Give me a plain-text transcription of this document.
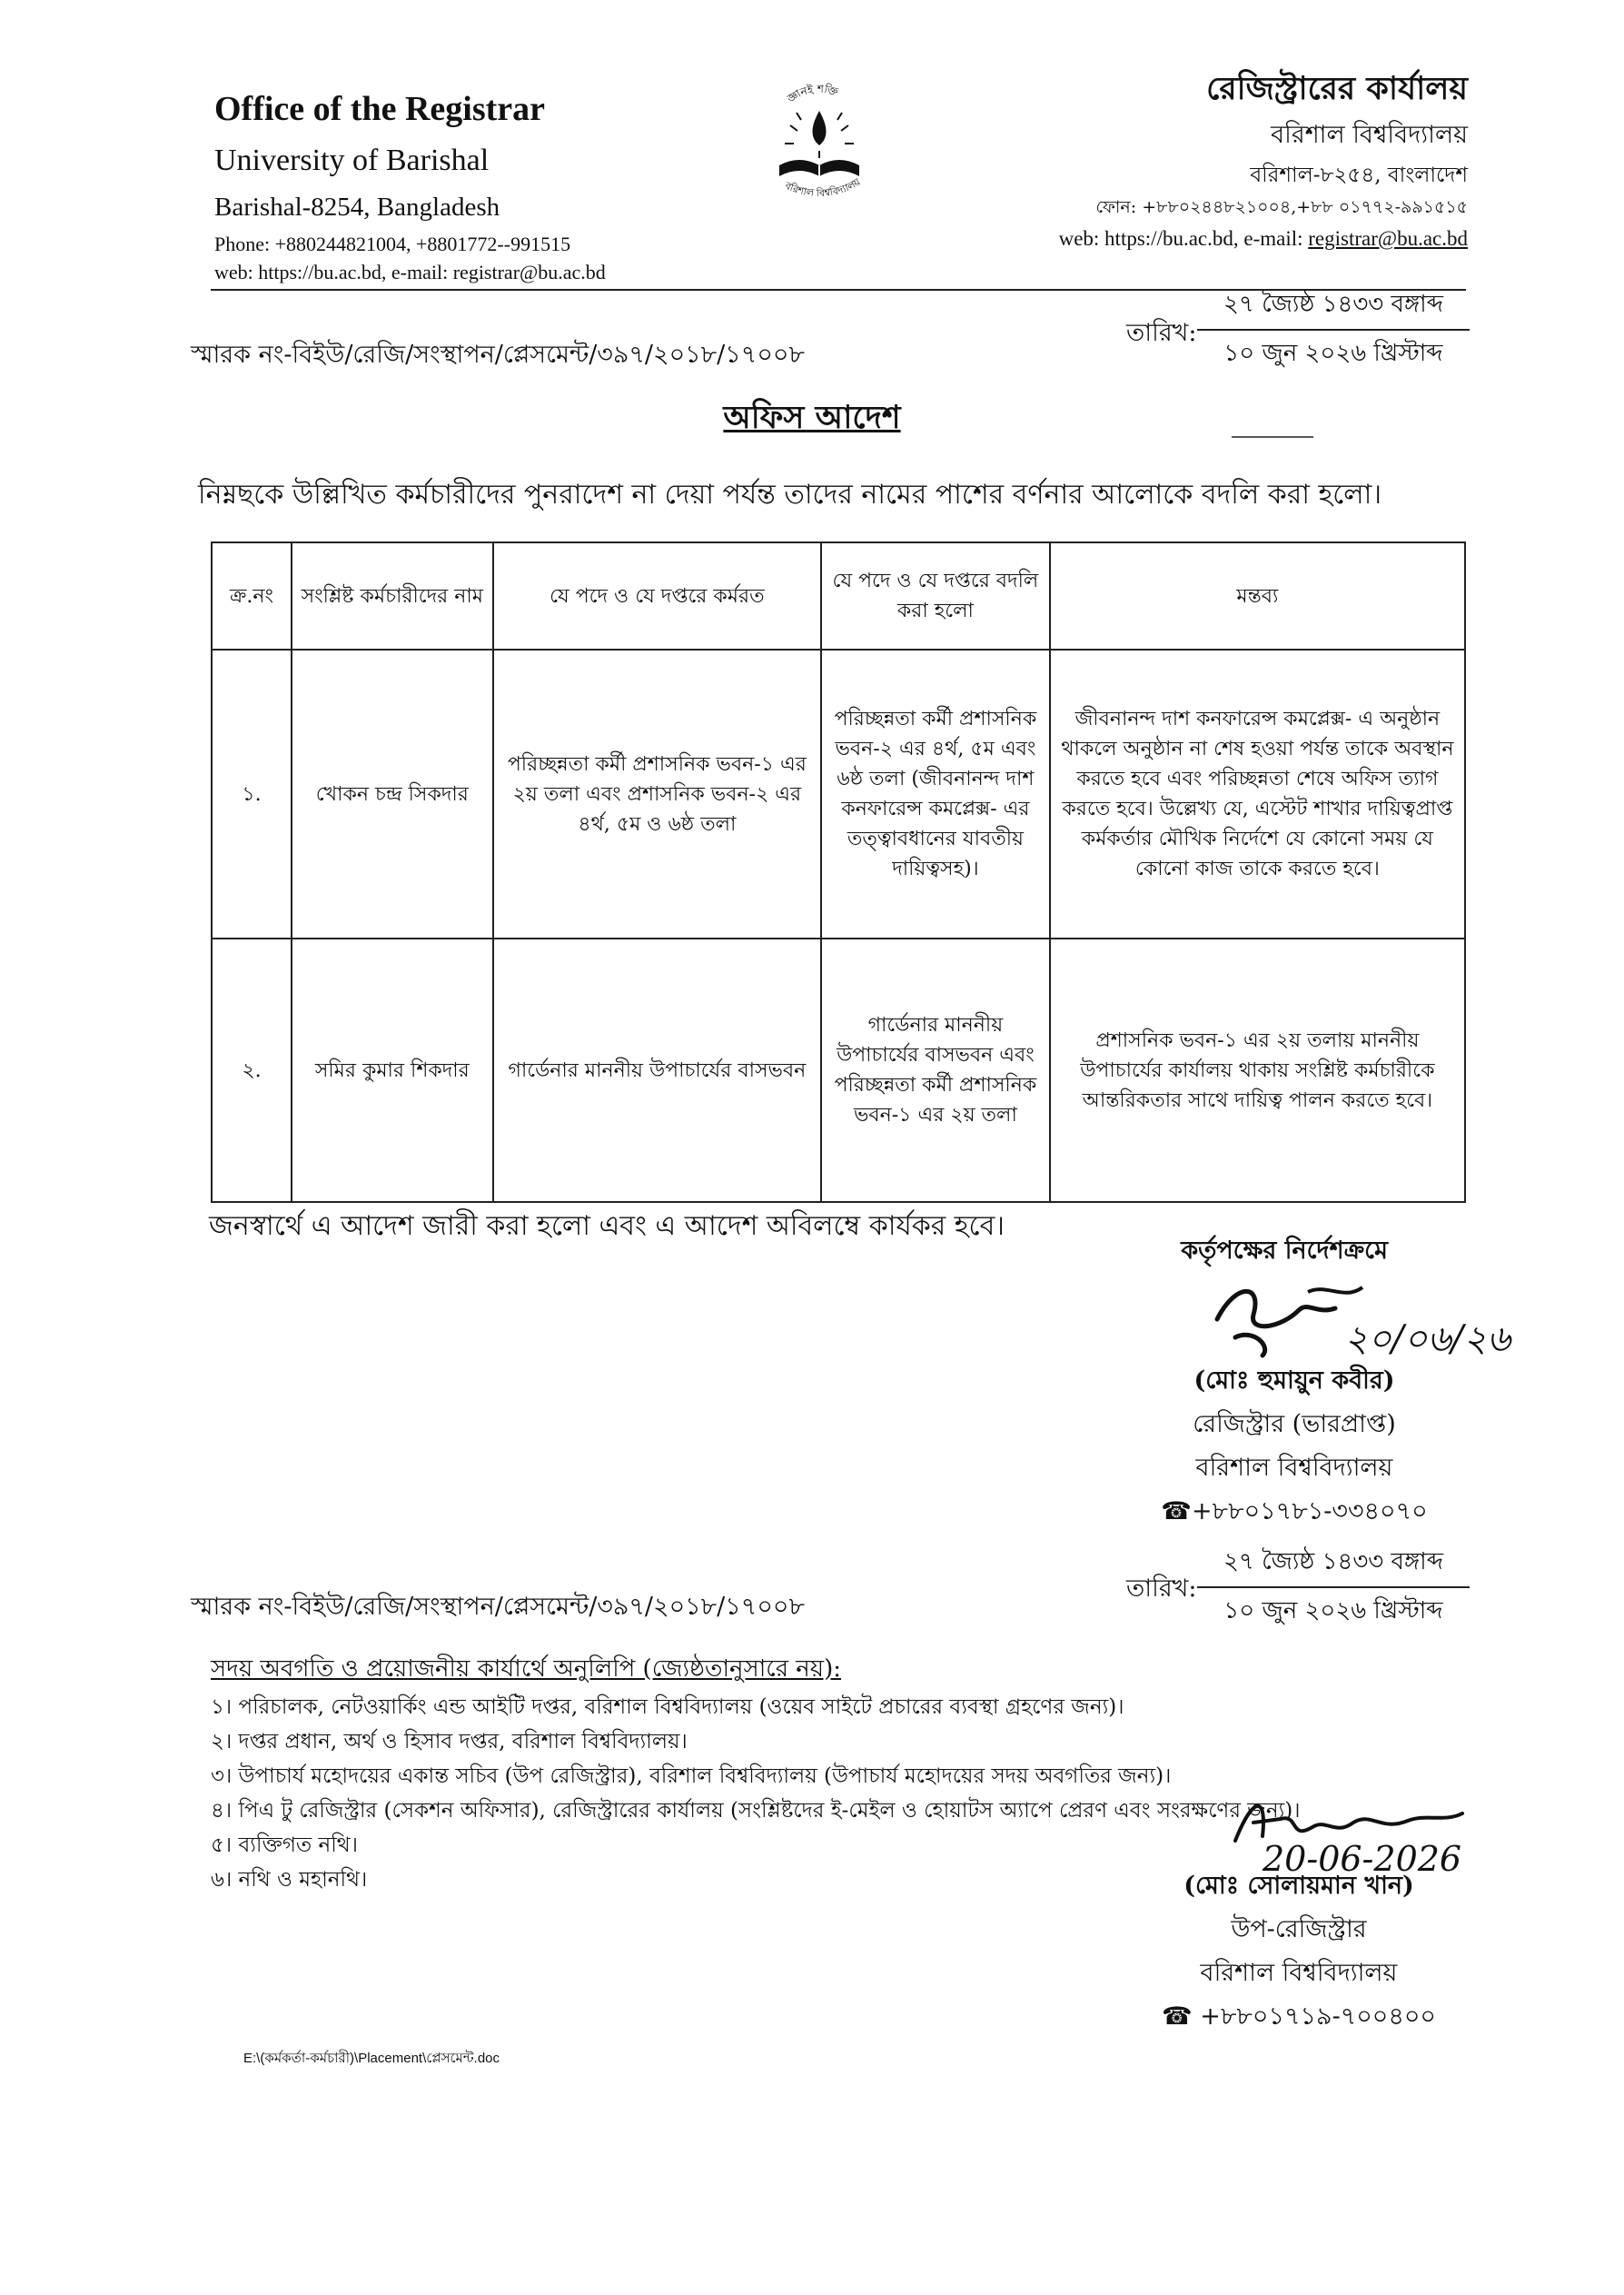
Office of the Registrar
University of Barishal
Barishal-8254, Bangladesh
Phone: +880244821004, +8801772--991515
web: https://bu.ac.bd, e-mail: registrar@bu.ac.bd
জ্ঞানই শক্তি
বরিশাল বিশ্ববিদ্যালয়
রেজিস্ট্রারের কার্যালয়
বরিশাল বিশ্ববিদ্যালয়
বরিশাল-৮২৫৪, বাংলাদেশ
ফোন: +৮৮০২৪৪৮২১০০৪,+৮৮ ০১৭৭২-৯৯১৫১৫
web: https://bu.ac.bd, e-mail: registrar@bu.ac.bd
স্মারক নং-বিইউ/রেজি/সংস্থাপন/প্লেসমেন্ট/৩৯৭/২০১৮/১৭০০৮
তারিখ:
২৭ জ্যৈষ্ঠ ১৪৩৩ বঙ্গাব্দ
১০ জুন ২০২৬ খ্রিস্টাব্দ
অফিস আদেশ
নিম্নছকে উল্লিখিত কর্মচারীদের পুনরাদেশ না দেয়া পর্যন্ত তাদের নামের পাশের বর্ণনার আলোকে বদলি করা হলো।
ক্র.নং	সংশ্লিষ্ট কর্মচারীদের নাম	যে পদে ও যে দপ্তরে কর্মরত	যে পদে ও যে দপ্তরে বদলি করা হলো	মন্তব্য
১.	খোকন চন্দ্র সিকদার	পরিচ্ছন্নতা কর্মী প্রশাসনিক ভবন-১ এর ২য় তলা এবং প্রশাসনিক ভবন-২ এর ৪র্থ, ৫ম ও ৬ষ্ঠ তলা	পরিচ্ছন্নতা কর্মী প্রশাসনিক ভবন-২ এর ৪র্থ, ৫ম এবং ৬ষ্ঠ তলা (জীবনানন্দ দাশ কনফারেন্স কমপ্লেক্স- এর তত্ত্বাবধানের যাবতীয় দায়িত্বসহ)।	জীবনানন্দ দাশ কনফারেন্স কমপ্লেক্স- এ অনুষ্ঠান থাকলে অনুষ্ঠান না শেষ হওয়া পর্যন্ত তাকে অবস্থান করতে হবে এবং পরিচ্ছন্নতা শেষে অফিস ত্যাগ করতে হবে। উল্লেখ্য যে, এস্টেট শাখার দায়িত্বপ্রাপ্ত কর্মকর্তার মৌখিক নির্দেশে যে কোনো সময় যে কোনো কাজ তাকে করতে হবে।
২.	সমির কুমার শিকদার	গার্ডেনার মাননীয় উপাচার্যের বাসভবন	গার্ডেনার মাননীয় উপাচার্যের বাসভবন এবং পরিচ্ছন্নতা কর্মী প্রশাসনিক ভবন-১ এর ২য় তলা	প্রশাসনিক ভবন-১ এর ২য় তলায় মাননীয় উপাচার্যের কার্যালয় থাকায় সংশ্লিষ্ট কর্মচারীকে আন্তরিকতার সাথে দায়িত্ব পালন করতে হবে।
জনস্বার্থে এ আদেশ জারী করা হলো এবং এ আদেশ অবিলম্বে কার্যকর হবে।
কর্তৃপক্ষের নির্দেশক্রমে
২০/০৬/২৬
(মোঃ হুমায়ুন কবীর)
রেজিস্ট্রার (ভারপ্রাপ্ত)
বরিশাল বিশ্ববিদ্যালয়
☎+৮৮০১৭৮১-৩৩৪০৭০
স্মারক নং-বিইউ/রেজি/সংস্থাপন/প্লেসমেন্ট/৩৯৭/২০১৮/১৭০০৮
তারিখ:
২৭ জ্যৈষ্ঠ ১৪৩৩ বঙ্গাব্দ
১০ জুন ২০২৬ খ্রিস্টাব্দ
সদয় অবগতি ও প্রয়োজনীয় কার্যার্থে অনুলিপি (জ্যেষ্ঠতানুসারে নয়):
১। পরিচালক, নেটওয়ার্কিং এন্ড আইটি দপ্তর, বরিশাল বিশ্ববিদ্যালয় (ওয়েব সাইটে প্রচারের ব্যবস্থা গ্রহণের জন্য)।
২। দপ্তর প্রধান, অর্থ ও হিসাব দপ্তর, বরিশাল বিশ্ববিদ্যালয়।
৩। উপাচার্য মহোদয়ের একান্ত সচিব (উপ রেজিস্ট্রার), বরিশাল বিশ্ববিদ্যালয় (উপাচার্য মহোদয়ের সদয় অবগতির জন্য)।
৪। পিএ টু রেজিস্ট্রার (সেকশন অফিসার), রেজিস্ট্রারের কার্যালয় (সংশ্লিষ্টদের ই-মেইল ও হোয়াটস অ্যাপে প্রেরণ এবং সংরক্ষণের জন্য)।
৫। ব্যক্তিগত নথি।
৬। নথি ও মহানথি।
20-06-2026
(মোঃ সোলায়মান খান)
উপ-রেজিস্ট্রার
বরিশাল বিশ্ববিদ্যালয়
☎ +৮৮০১৭১৯-৭০০৪০০
E:\(কর্মকর্তা-কর্মচারী)\Placement\প্লেসমেন্ট.doc
